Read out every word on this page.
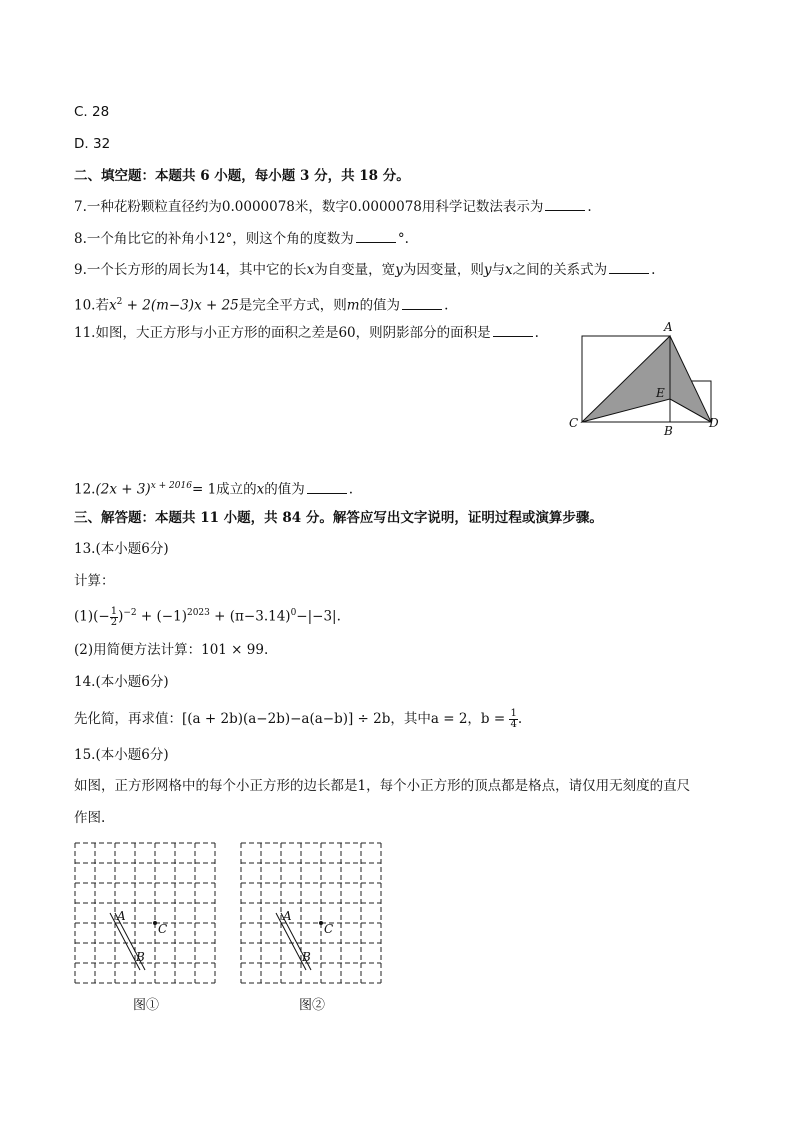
C. 28
D. 32
二、填空题：本题共 6 小题，每小题 3 分，共 18 分。
7.一种花粉颗粒直径约为0.0000078米，数字0.0000078用科学记数法表示为	.
8.一个角比它的补角小12°，则这个角的度数为	°.
9.一个长方形的周长为14，其中它的长x为自变量，宽y为因变量，则y与x之间的关系式为	.
10.若$x^2 + 2(m-3)x + 25$是完全平方式，则m的值为	.
11.如图，大正方形与小正方形的面积之差是60，则阴影部分的面积是	.	A
E
C
B
D
$12.(2x + 3)^{x + 2016}= 1$成立的x的值为	.
三、解答题：本题共 11 小题，共 84 分。解答应写出文字说明，证明过程或演算步骤。
13.(本小题6分)
计算：
$(1)(- \frac{1}{2} )^{-2} + (-1)^{2023} + (\pi-3.14)^0-|-3|$.
(2)用简便方法计算：101 × 99.
14.(本小题6分)
先化简，再求值：[(a + 2b)(a−2b)−a(a−b)] ÷ 2b，其中a = 2，$b = \frac{1}{4}$ .
15.(本小题6分)
如图，正方形网格中的每个小正方形的边长都是1，每个小正方形的顶点都是格点，请仅用无刻度的直尺
作图.
A
B
C
图①
A
B
C
图②
